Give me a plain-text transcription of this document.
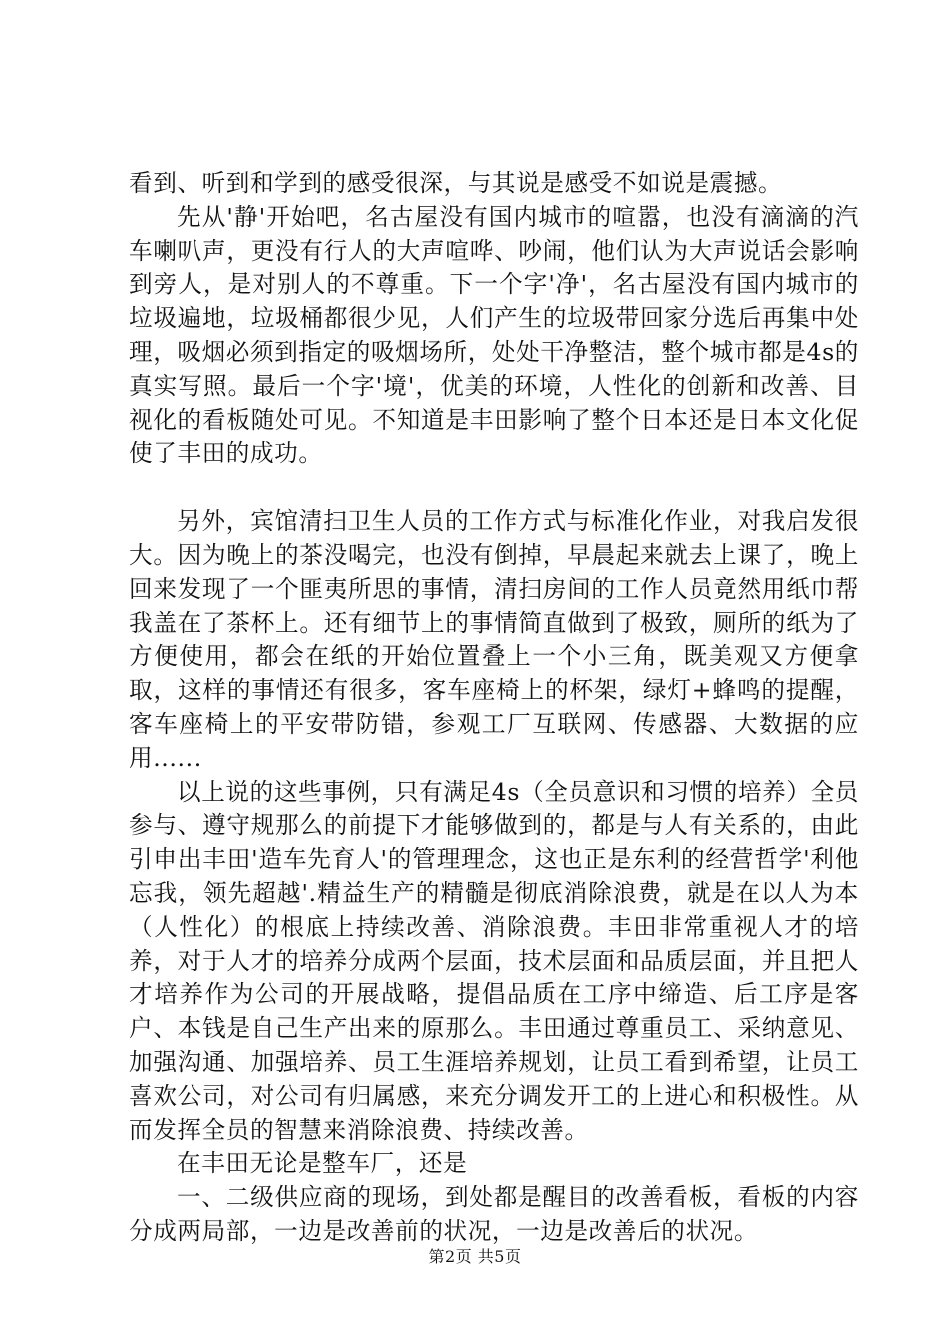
看到、听到和学到的感受很深，与其说是感受不如说是震撼。

先从'静'开始吧，名古屋没有国内城市的喧嚣，也没有滴滴的汽车喇叭声，更没有行人的大声喧哗、吵闹，他们认为大声说话会影响到旁人，是对别人的不尊重。下一个字'净'，名古屋没有国内城市的垃圾遍地，垃圾桶都很少见，人们产生的垃圾带回家分选后再集中处理，吸烟必须到指定的吸烟场所，处处干净整洁，整个城市都是4s的真实写照。最后一个字'境'，优美的环境，人性化的创新和改善、目视化的看板随处可见。不知道是丰田影响了整个日本还是日本文化促使了丰田的成功。

另外，宾馆清扫卫生人员的工作方式与标准化作业，对我启发很大。因为晚上的茶没喝完，也没有倒掉，早晨起来就去上课了，晚上回来发现了一个匪夷所思的事情，清扫房间的工作人员竟然用纸巾帮我盖在了茶杯上。还有细节上的事情简直做到了极致，厕所的纸为了方便使用，都会在纸的开始位置叠上一个小三角，既美观又方便拿取，这样的事情还有很多，客车座椅上的杯架，绿灯+蜂鸣的提醒，客车座椅上的平安带防错，参观工厂互联网、传感器、大数据的应用......

以上说的这些事例，只有满足4s（全员意识和习惯的培养）全员参与、遵守规那么的前提下才能够做到的，都是与人有关系的，由此引申出丰田'造车先育人'的管理理念，这也正是东利的经营哲学'利他忘我，领先超越'.精益生产的精髓是彻底消除浪费，就是在以人为本（人性化）的根底上持续改善、消除浪费。丰田非常重视人才的培养，对于人才的培养分成两个层面，技术层面和品质层面，并且把人才培养作为公司的开展战略，提倡品质在工序中缔造、后工序是客户、本钱是自己生产出来的原那么。丰田通过尊重员工、采纳意见、加强沟通、加强培养、员工生涯培养规划，让员工看到希望，让员工喜欢公司，对公司有归属感，来充分调发开工的上进心和积极性。从而发挥全员的智慧来消除浪费、持续改善。

在丰田无论是整车厂，还是

一、二级供应商的现场，到处都是醒目的改善看板，看板的内容分成两局部，一边是改善前的状况，一边是改善后的状况。

第2页 共5页
